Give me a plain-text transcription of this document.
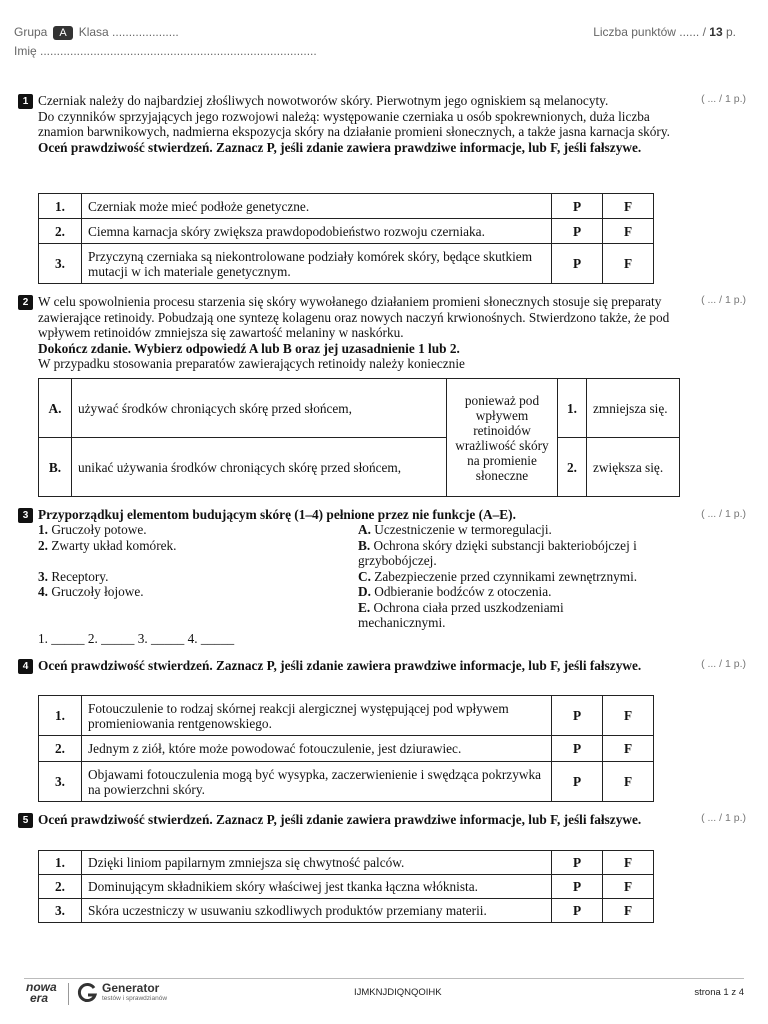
Grupa A Klasa ....................
Imię ...................................................................................
Liczba punktów ...... / 13 p.
1	( ... / 1 p.)

Czerniak należy do najbardziej złośliwych nowotworów skóry. Pierwotnym jego ogniskiem są melanocyty.

Do czynników sprzyjających jego rozwojowi należą: występowanie czerniaka u osób spokrewnionych, duża liczba znamion barwnikowych, nadmierna ekspozycja skóry na działanie promieni słonecznych, a także jasna karnacja skóry.

Oceń prawdziwość stwierdzeń. Zaznacz P, jeśli zdanie zawiera prawdziwe informacje, lub F, jeśli fałszywe.

1.	Czerniak może mieć podłoże genetyczne.	P	F
2.	Ciemna karnacja skóry zwiększa prawdopodobieństwo rozwoju czerniaka.	P	F
3.	Przyczyną czerniaka są niekontrolowane podziały komórek skóry, będące skutkiem mutacji w ich materiale genetycznym.	P	F
2	( ... / 1 p.)

W celu spowolnienia procesu starzenia się skóry wywołanego działaniem promieni słonecznych stosuje się preparaty zawierające retinoidy. Pobudzają one syntezę kolagenu oraz nowych naczyń krwionośnych. Stwierdzono także, że pod wpływem retinoidów zmniejsza się zawartość melaniny w naskórku.

Dokończ zdanie. Wybierz odpowiedź A lub B oraz jej uzasadnienie 1 lub 2.

W przypadku stosowania preparatów zawierających retinoidy należy koniecznie

A.	używać środków chroniących skórę przed słońcem,	ponieważ pod wpływem retinoidów wrażliwość skóry na promienie słoneczne	1.	zmniejsza się.
B.	unikać używania środków chroniących skórę przed słońcem,		2.	zwiększa się.
3	( ... / 1 p.)

Przyporządkuj elementom budującym skórę (1–4) pełnione przez nie funkcje (A–E).

1. Gruczoły potowe.
2. Zwarty układ komórek.
3. Receptory.
4. Gruczoły łojowe.
A. Uczestniczenie w termoregulacji.
B. Ochrona skóry dzięki substancji bakteriobójczej i grzybobójczej.
C. Zabezpieczenie przed czynnikami zewnętrznymi.
D. Odbieranie bodźców z otoczenia.
E. Ochrona ciała przed uszkodzeniami mechanicznymi.
1. _____ 2. _____ 3. _____ 4. _____
4	( ... / 1 p.)

Oceń prawdziwość stwierdzeń. Zaznacz P, jeśli zdanie zawiera prawdziwe informacje, lub F, jeśli fałszywe.

1.	Fotouczulenie to rodzaj skórnej reakcji alergicznej występującej pod wpływem promieniowania rentgenowskiego.	P	F
2.	Jednym z ziół, które może powodować fotouczulenie, jest dziurawiec.	P	F
3.	Objawami fotouczulenia mogą być wysypka, zaczerwienienie i swędząca pokrzywka na powierzchni skóry.	P	F
5	( ... / 1 p.)

Oceń prawdziwość stwierdzeń. Zaznacz P, jeśli zdanie zawiera prawdziwe informacje, lub F, jeśli fałszywe.

1.	Dzięki liniom papilarnym zmniejsza się chwytność palców.	P	F
2.	Dominującym składnikiem skóry właściwej jest tkanka łączna włóknista.	P	F
3.	Skóra uczestniczy w usuwaniu szkodliwych produktów przemiany materii.	P	F
nowa
era
Generator
testów i sprawdzianów
IJMKNJDIQNQOIHK	strona 1 z 4
